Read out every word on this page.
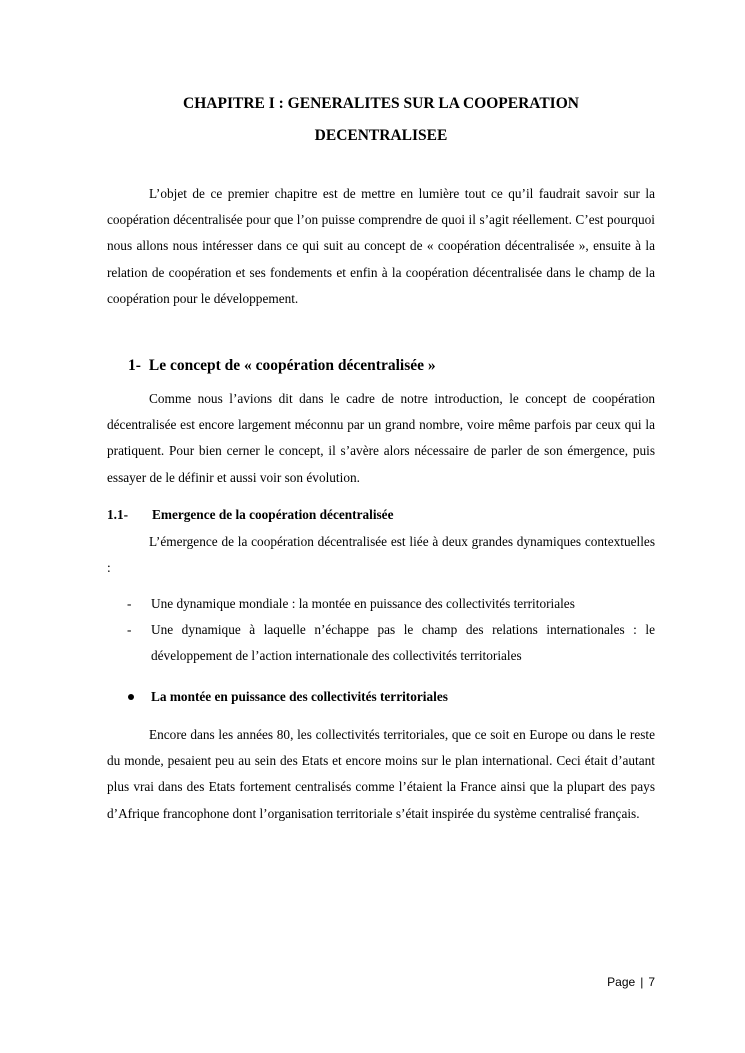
CHAPITRE I : GENERALITES SUR LA COOPERATION
DECENTRALISEE

L’objet de ce premier chapitre est de mettre en lumière tout ce qu’il faudrait savoir sur la coopération décentralisée pour que l’on puisse comprendre de quoi il s’agit réellement. C’est pourquoi nous allons nous intéresser dans ce qui suit au concept de « coopération décentralisée », ensuite à la relation de coopération et ses fondements et enfin à la coopération décentralisée dans le champ de la coopération pour le développement.

1- Le concept de « coopération décentralisée »

Comme nous l’avions dit dans le cadre de notre introduction, le concept de coopération décentralisée est encore largement méconnu par un grand nombre, voire même parfois par ceux qui la pratiquent. Pour bien cerner le concept, il s’avère alors nécessaire de parler de son émergence, puis essayer de le définir et aussi voir son évolution.

1.1- Emergence de la coopération décentralisée

L’émergence de la coopération décentralisée est liée à deux grandes dynamiques contextuelles :

- Une dynamique mondiale : la montée en puissance des collectivités territoriales
- Une dynamique à laquelle n’échappe pas le champ des relations internationales : le développement de l’action internationale des collectivités territoriales
La montée en puissance des collectivités territoriales

Encore dans les années 80, les collectivités territoriales, que ce soit en Europe ou dans le reste du monde, pesaient peu au sein des Etats et encore moins sur le plan international. Ceci était d’autant plus vrai dans des Etats fortement centralisés comme l’étaient la France ainsi que la plupart des pays d’Afrique francophone dont l’organisation territoriale s’était inspirée du système centralisé français.

Page | 7
